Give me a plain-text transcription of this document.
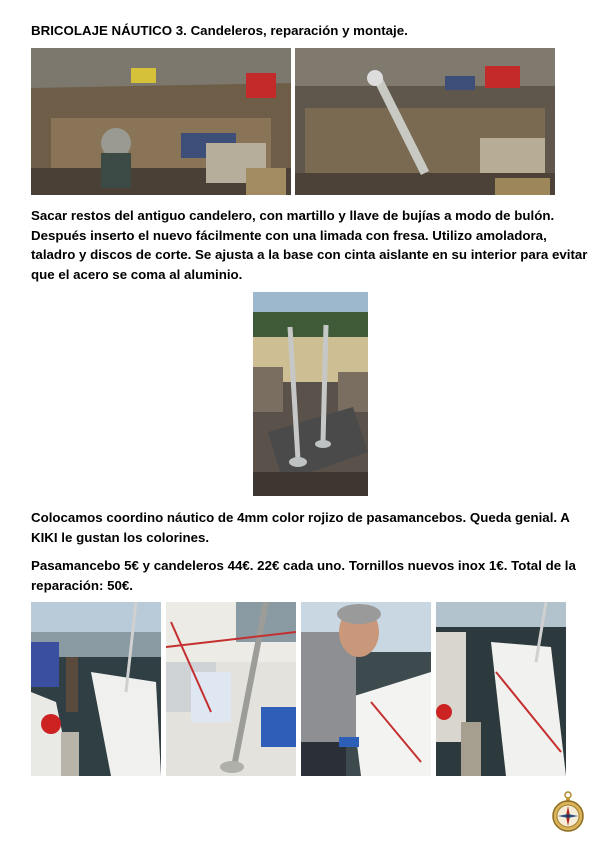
BRICOLAJE NÁUTICO 3. Candeleros, reparación y montaje.
Sacar restos del antiguo candelero, con martillo y llave de bujías a modo de bulón. Después inserto el nuevo fácilmente con una limada con fresa. Utilizo amoladora, taladro y discos de corte. Se ajusta a la base con cinta aislante en su interior para evitar que el acero se coma al aluminio.
Colocamos coordino náutico de 4mm color rojizo de pasamancebos. Queda genial. A KIKI le gustan los colorines.
Pasamancebo 5€ y candeleros 44€. 22€ cada uno. Tornillos nuevos inox 1€. Total de la reparación: 50€.
